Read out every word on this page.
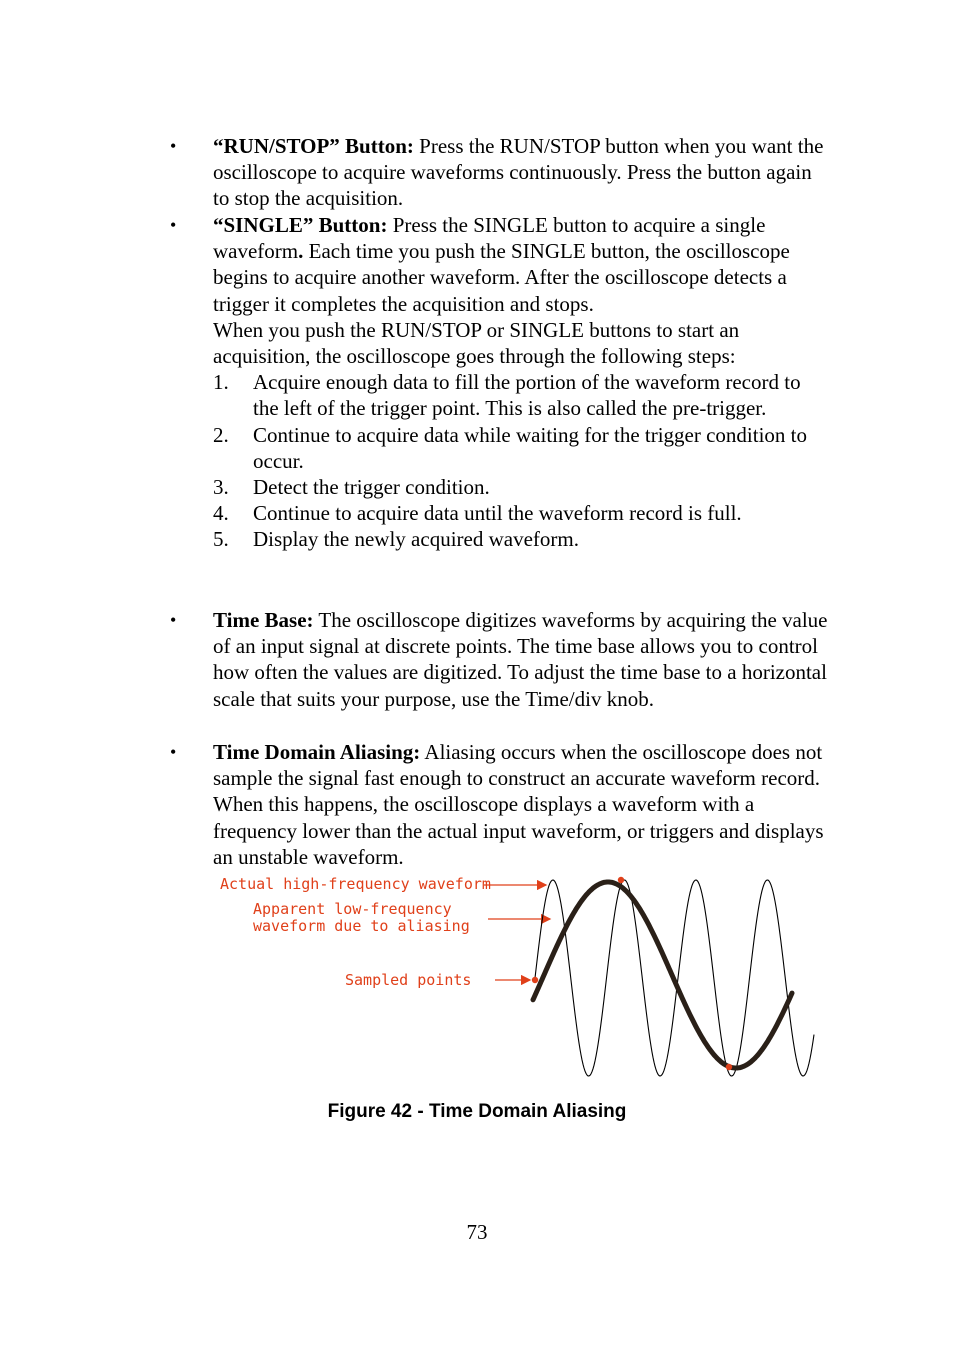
• “RUN/STOP” Button: Press the RUN/STOP button when you want the oscilloscope to acquire waveforms continuously. Press the button again to stop the acquisition.
• “SINGLE” Button: Press the SINGLE button to acquire a single waveform. Each time you push the SINGLE button, the oscilloscope begins to acquire another waveform. After the oscilloscope detects a trigger it completes the acquisition and stops.
When you push the RUN/STOP or SINGLE buttons to start an acquisition, the oscilloscope goes through the following steps:
1. Acquire enough data to fill the portion of the waveform record to the left of the trigger point. This is also called the pre-trigger.
2. Continue to acquire data while waiting for the trigger condition to occur.
3. Detect the trigger condition.
4. Continue to acquire data until the waveform record is full.
5. Display the newly acquired waveform.
• Time Base: The oscilloscope digitizes waveforms by acquiring the value of an input signal at discrete points. The time base allows you to control how often the values are digitized. To adjust the time base to a horizontal scale that suits your purpose, use the Time/div knob.
• Time Domain Aliasing: Aliasing occurs when the oscilloscope does not sample the signal fast enough to construct an accurate waveform record. When this happens, the oscilloscope displays a waveform with a frequency lower than the actual input waveform, or triggers and displays an unstable waveform.
Actual high-frequency waveform
Apparent low-frequency
waveform due to aliasing
Sampled points
Figure 42 - Time Domain Aliasing
73
